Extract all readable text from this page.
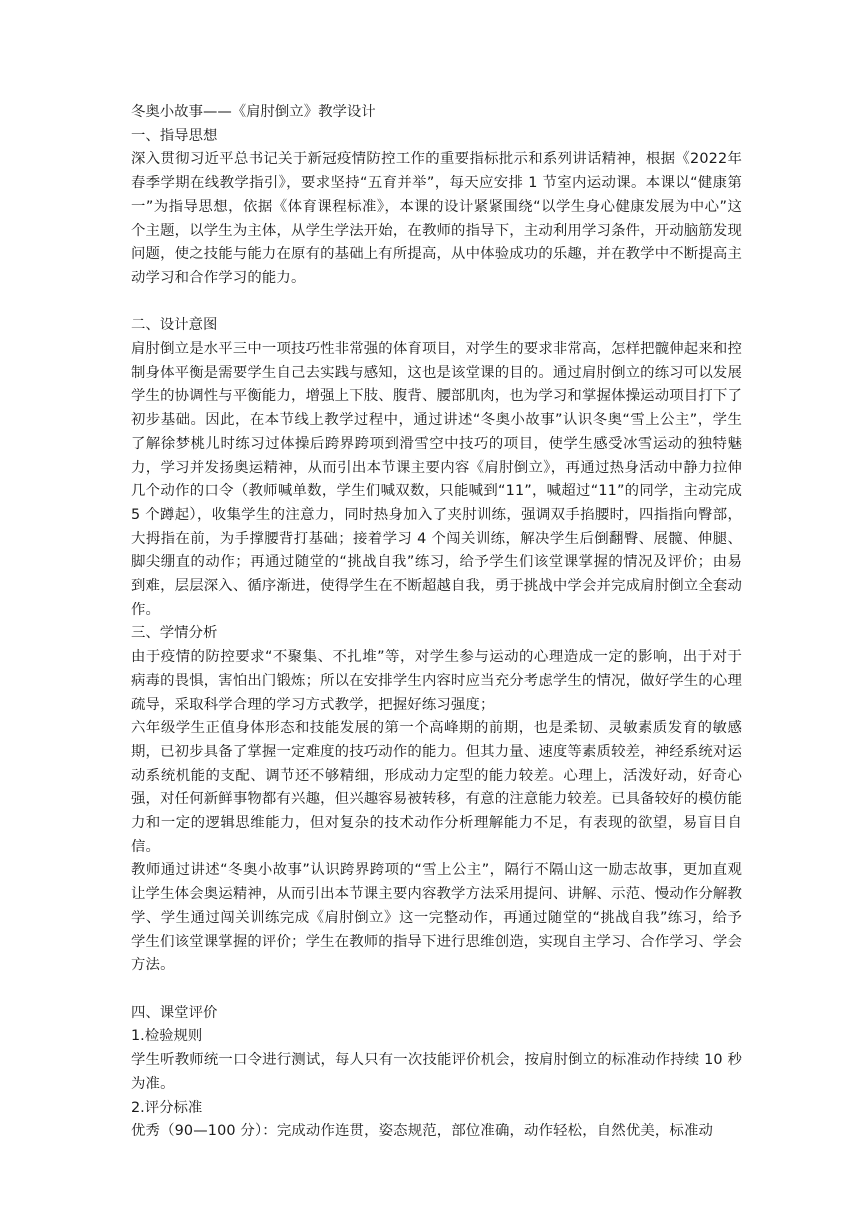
冬奥小故事——《肩肘倒立》教学设计

一、指导思想

深入贯彻习近平总书记关于新冠疫情防控工作的重要指标批示和系列讲话精神，根据《2022年春季学期在线教学指引》，要求坚持“五育并举”，每天应安排 1 节室内运动课。本课以“健康第一”为指导思想，依据《体育课程标准》，本课的设计紧紧围绕“以学生身心健康发展为中心”这个主题，以学生为主体，从学生学法开始，在教师的指导下，主动利用学习条件，开动脑筋发现问题，使之技能与能力在原有的基础上有所提高，从中体验成功的乐趣，并在教学中不断提高主动学习和合作学习的能力。

二、设计意图

肩肘倒立是水平三中一项技巧性非常强的体育项目，对学生的要求非常高，怎样把髋伸起来和控制身体平衡是需要学生自己去实践与感知，这也是该堂课的目的。通过肩肘倒立的练习可以发展学生的协调性与平衡能力，增强上下肢、腹背、腰部肌肉，也为学习和掌握体操运动项目打下了初步基础。因此，在本节线上教学过程中，通过讲述“冬奥小故事”认识冬奥“雪上公主”，学生了解徐梦桃儿时练习过体操后跨界跨项到滑雪空中技巧的项目，使学生感受冰雪运动的独特魅力，学习并发扬奥运精神，从而引出本节课主要内容《肩肘倒立》，再通过热身活动中静力拉伸几个动作的口令（教师喊单数，学生们喊双数，只能喊到“11”，喊超过“11”的同学，主动完成 5 个蹲起），收集学生的注意力，同时热身加入了夹肘训练，强调双手掐腰时，四指指向臀部，大拇指在前，为手撑腰背打基础；接着学习 4 个闯关训练，解决学生后倒翻臀、展髋、伸腿、脚尖绷直的动作；再通过随堂的“挑战自我”练习，给予学生们该堂课掌握的情况及评价；由易到难，层层深入、循序渐进，使得学生在不断超越自我，勇于挑战中学会并完成肩肘倒立全套动作。

三、学情分析

由于疫情的防控要求“不聚集、不扎堆”等，对学生参与运动的心理造成一定的影响，出于对于病毒的畏惧，害怕出门锻炼；所以在安排学生内容时应当充分考虑学生的情况，做好学生的心理疏导，采取科学合理的学习方式教学，把握好练习强度；

六年级学生正值身体形态和技能发展的第一个高峰期的前期，也是柔韧、灵敏素质发育的敏感期，已初步具备了掌握一定难度的技巧动作的能力。但其力量、速度等素质较差，神经系统对运动系统机能的支配、调节还不够精细，形成动力定型的能力较差。心理上，活泼好动，好奇心强，对任何新鲜事物都有兴趣，但兴趣容易被转移，有意的注意能力较差。已具备较好的模仿能力和一定的逻辑思维能力，但对复杂的技术动作分析理解能力不足，有表现的欲望，易盲目自信。

教师通过讲述“冬奥小故事”认识跨界跨项的“雪上公主”，隔行不隔山这一励志故事，更加直观让学生体会奥运精神，从而引出本节课主要内容教学方法采用提问、讲解、示范、慢动作分解教学、学生通过闯关训练完成《肩肘倒立》这一完整动作，再通过随堂的“挑战自我”练习，给予学生们该堂课掌握的评价；学生在教师的指导下进行思维创造，实现自主学习、合作学习、学会方法。

四、课堂评价

1.检验规则

学生听教师统一口令进行测试，每人只有一次技能评价机会，按肩肘倒立的标准动作持续 10 秒为准。

2.评分标准

优秀（90—100 分）：完成动作连贯，姿态规范，部位准确，动作轻松，自然优美，标准动
